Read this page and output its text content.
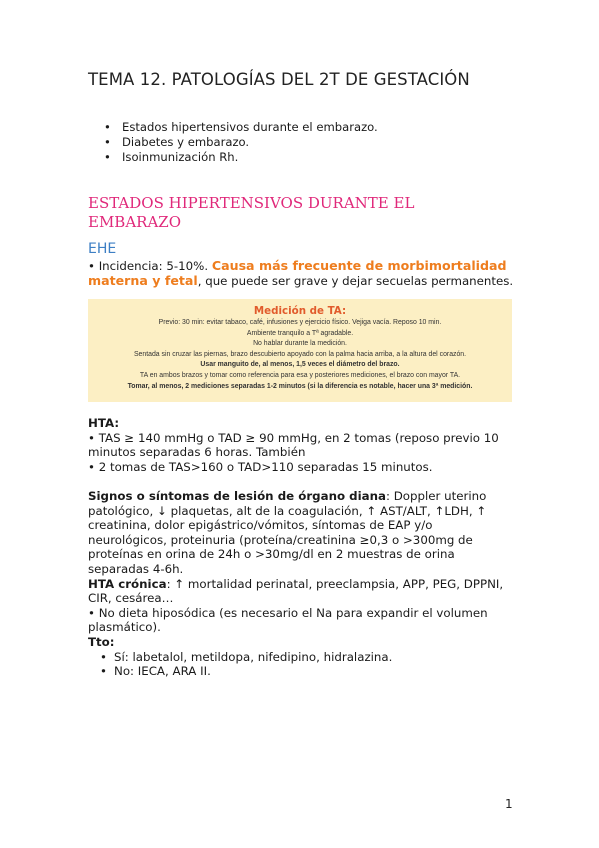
TEMA 12. PATOLOGÍAS DEL 2T DE GESTACIÓN
• Estados hipertensivos durante el embarazo.
• Diabetes y embarazo.
• Isoinmunización Rh.
ESTADOS HIPERTENSIVOS DURANTE EL EMBARAZO
EHE
• Incidencia: 5-10%. Causa más frecuente de morbimortalidad materna y fetal, que puede ser grave y dejar secuelas permanentes.
Medición de TA:
Previo: 30 min: evitar tabaco, café, infusiones y ejercicio físico. Vejiga vacía. Reposo 10 min.
Ambiente tranquilo a Tª agradable.
No hablar durante la medición.
Sentada sin cruzar las piernas, brazo descubierto apoyado con la palma hacia arriba, a la altura del corazón.
Usar manguito de, al menos, 1,5 veces el diámetro del brazo.
TA en ambos brazos y tomar como referencia para esa y posteriores mediciones, el brazo con mayor TA.
Tomar, al menos, 2 mediciones separadas 1-2 minutos (si la diferencia es notable, hacer una 3ª medición.
HTA:
• TAS ≥ 140 mmHg o TAD ≥ 90 mmHg, en 2 tomas (reposo previo 10
minutos separadas 6 horas. También
• 2 tomas de TAS>160 o TAD>110 separadas 15 minutos.
Signos o síntomas de lesión de órgano diana: Doppler uterino
patológico, ↓ plaquetas, alt de la coagulación, ↑ AST/ALT, ↑LDH, ↑
creatinina, dolor epigástrico/vómitos, síntomas de EAP y/o
neurológicos, proteinuria (proteína/creatinina ≥0,3 o >300mg de
proteínas en orina de 24h o >30mg/dl en 2 muestras de orina
separadas 4-6h.
HTA crónica: ↑ mortalidad perinatal, preeclampsia, APP, PEG, DPPNI,
CIR, cesárea…
• No dieta hiposódica (es necesario el Na para expandir el volumen
plasmático).
Tto:
• Sí: labetalol, metildopa, nifedipino, hidralazina.
• No: IECA, ARA II.
1
